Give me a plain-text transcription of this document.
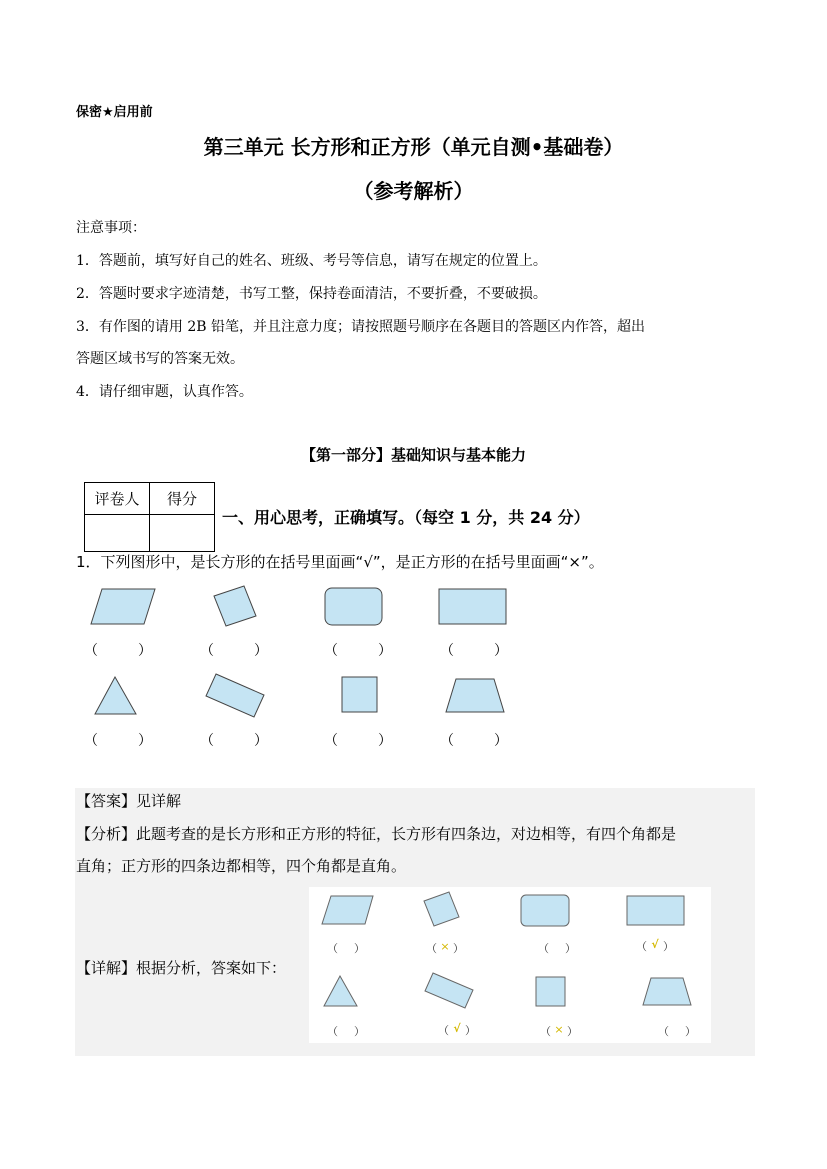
保密★启用前
第三单元 长方形和正方形（单元自测•基础卷）
（参考解析）
注意事项：
1．答题前，填写好自己的姓名、班级、考号等信息，请写在规定的位置上。
2．答题时要求字迹清楚，书写工整，保持卷面清洁，不要折叠，不要破损。
3．有作图的请用 2B 铅笔，并且注意力度；请按照题号顺序在各题目的答题区内作答，超出
答题区域书写的答案无效。
4．请仔细审题，认真作答。
【第一部分】基础知识与基本能力
评卷人	得分

一、用心思考，正确填写。（每空 1 分，共 24 分）
1．下列图形中，是长方形的在括号里面画“√”，是正方形的在括号里面画“×”。
（	）	（	）	（	）	（	）
（	）	（	）	（	）	（	）
【答案】见详解
【分析】此题考查的是长方形和正方形的特征，长方形有四条边，对边相等，有四个角都是
直角；正方形的四条边都相等，四个角都是直角。
【详解】根据分析，答案如下：
（ ）	（ × ）	（ ）	（ √ ）
（ ）	（ √ ）	（ × ）	（ ）
